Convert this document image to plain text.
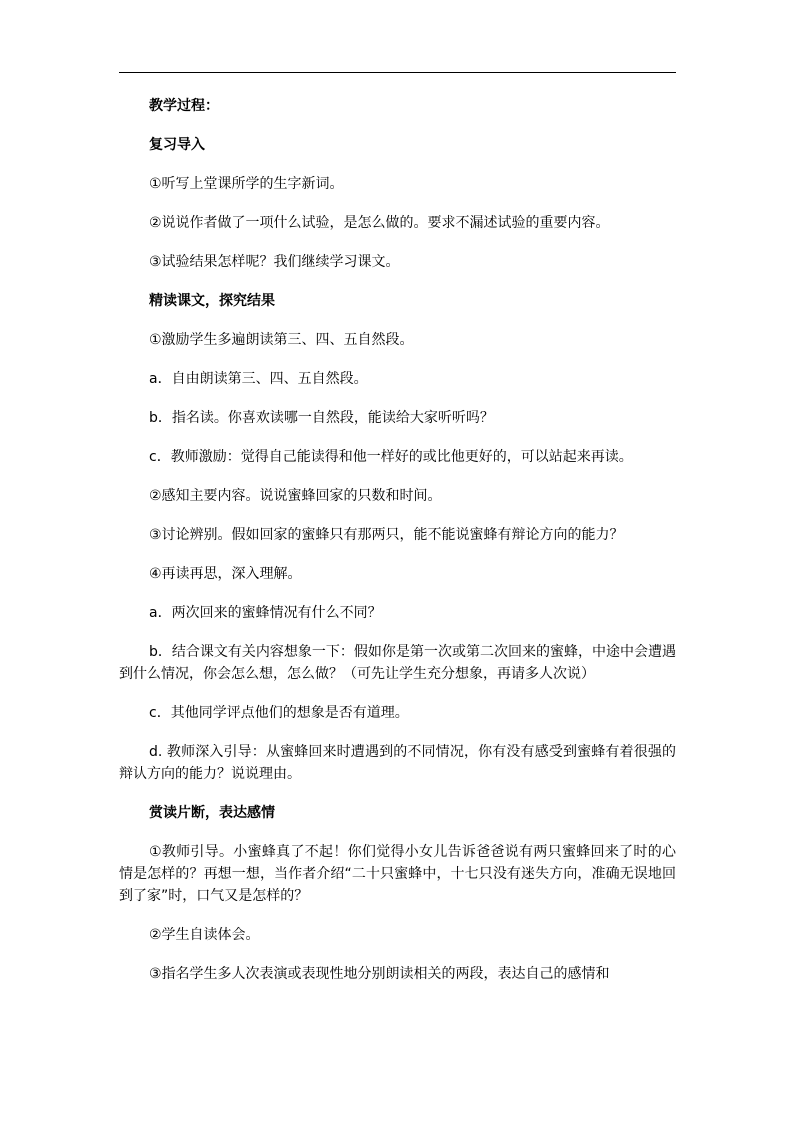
教学过程：

复习导入

①听写上堂课所学的生字新词。

②说说作者做了一项什么试验，是怎么做的。要求不漏述试验的重要内容。

③试验结果怎样呢？我们继续学习课文。

精读课文，探究结果

①激励学生多遍朗读第三、四、五自然段。

a．自由朗读第三、四、五自然段。

b．指名读。你喜欢读哪一自然段，能读给大家听听吗？

c．教师激励：觉得自己能读得和他一样好的或比他更好的，可以站起来再读。

②感知主要内容。说说蜜蜂回家的只数和时间。

③讨论辨别。假如回家的蜜蜂只有那两只，能不能说蜜蜂有辩论方向的能力？

④再读再思，深入理解。

a．两次回来的蜜蜂情况有什么不同？

b．结合课文有关内容想象一下：假如你是第一次或第二次回来的蜜蜂，中途中会遭遇到什么情况，你会怎么想，怎么做？（可先让学生充分想象，再请多人次说）

c．其他同学评点他们的想象是否有道理。

d. 教师深入引导：从蜜蜂回来时遭遇到的不同情况，你有没有感受到蜜蜂有着很强的辩认方向的能力？说说理由。

赏读片断，表达感情

①教师引导。小蜜蜂真了不起！你们觉得小女儿告诉爸爸说有两只蜜蜂回来了时的心情是怎样的？再想一想，当作者介绍“二十只蜜蜂中，十七只没有迷失方向，准确无误地回到了家”时，口气又是怎样的？

②学生自读体会。

③指名学生多人次表演或表现性地分别朗读相关的两段，表达自己的感情和
